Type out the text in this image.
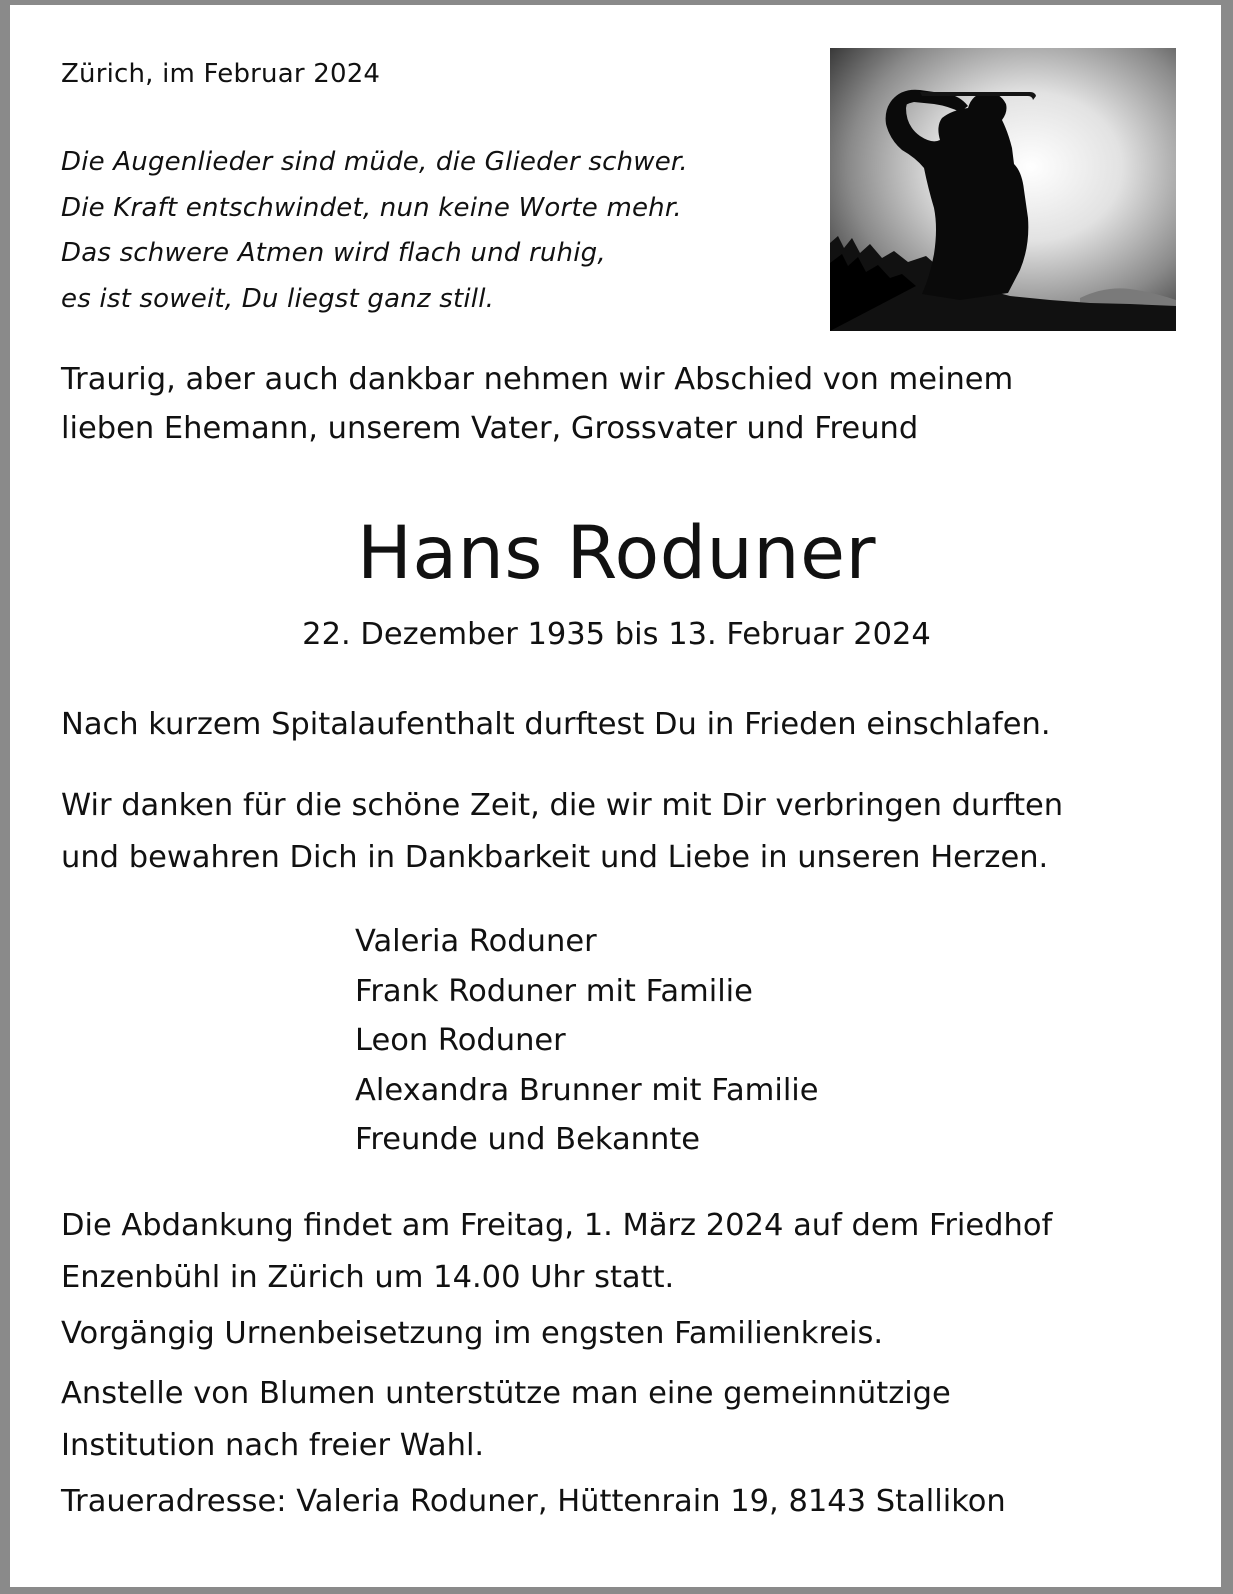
Zürich, im Februar 2024

Die Augenlieder sind müde, die Glieder schwer.
Die Kraft entschwindet, nun keine Worte mehr.
Das schwere Atmen wird flach und ruhig,
es ist soweit, Du liegst ganz still.
Traurig, aber auch dankbar nehmen wir Abschied von meinem
lieben Ehemann, unserem Vater, Grossvater und Freund
Hans Roduner
22. Dezember 1935 bis 13. Februar 2024
Nach kurzem Spitalaufenthalt durftest Du in Frieden einschlafen.
Wir danken für die schöne Zeit, die wir mit Dir verbringen durften
und bewahren Dich in Dankbarkeit und Liebe in unseren Herzen.
Valeria Roduner
Frank Roduner mit Familie
Leon Roduner
Alexandra Brunner mit Familie
Freunde und Bekannte
Die Abdankung findet am Freitag, 1. März 2024 auf dem Friedhof
Enzenbühl in Zürich um 14.00 Uhr statt.
Vorgängig Urnenbeisetzung im engsten Familienkreis.
Anstelle von Blumen unterstütze man eine gemeinnützige
Institution nach freier Wahl.
Traueradresse: Valeria Roduner, Hüttenrain 19, 8143 Stallikon
